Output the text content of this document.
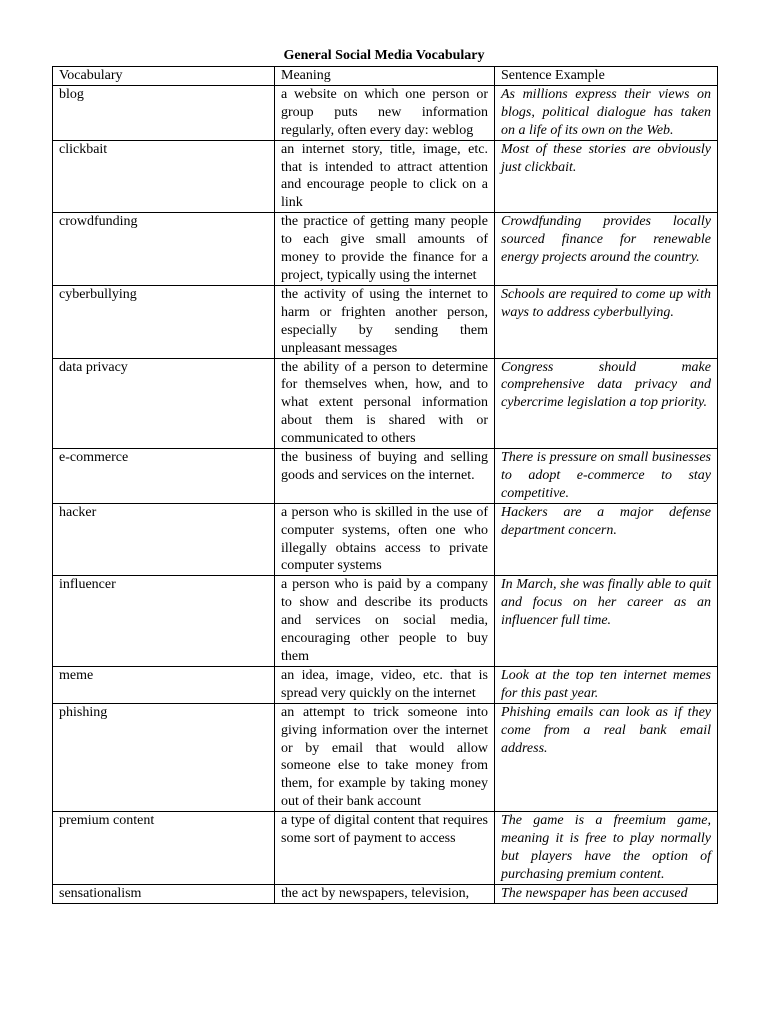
General Social Media Vocabulary
Vocabulary	Meaning	Sentence Example
blog	a website on which one person or group puts new information regularly, often every day: weblog	As millions express their views on blogs, political dialogue has taken on a life of its own on the Web.
clickbait	an internet story, title, image, etc. that is intended to attract attention and encourage people to click on a link	Most of these stories are obviously just clickbait.
crowdfunding	the practice of getting many people to each give small amounts of money to provide the finance for a project, typically using the internet	Crowdfunding provides locally sourced finance for renewable energy projects around the country.
cyberbullying	the activity of using the internet to harm or frighten another person, especially by sending them unpleasant messages	Schools are required to come up with ways to address cyberbullying.
data privacy	the ability of a person to determine for themselves when, how, and to what extent personal information about them is shared with or communicated to others	Congress should make comprehensive data privacy and cybercrime legislation a top priority.
e-commerce	the business of buying and selling goods and services on the internet.	There is pressure on small businesses to adopt e-commerce to stay competitive.
hacker	a person who is skilled in the use of computer systems, often one who illegally obtains access to private computer systems	Hackers are a major defense department concern.
influencer	a person who is paid by a company to show and describe its products and services on social media, encouraging other people to buy them	In March, she was finally able to quit and focus on her career as an influencer full time.
meme	an idea, image, video, etc. that is spread very quickly on the internet	Look at the top ten internet memes for this past year.
phishing	an attempt to trick someone into giving information over the internet or by email that would allow someone else to take money from them, for example by taking money out of their bank account	Phishing emails can look as if they come from a real bank email address.
premium content	a type of digital content that requires some sort of payment to access	The game is a freemium game, meaning it is free to play normally but players have the option of purchasing premium content.
sensationalism	the act by newspapers, television,	The newspaper has been accused
